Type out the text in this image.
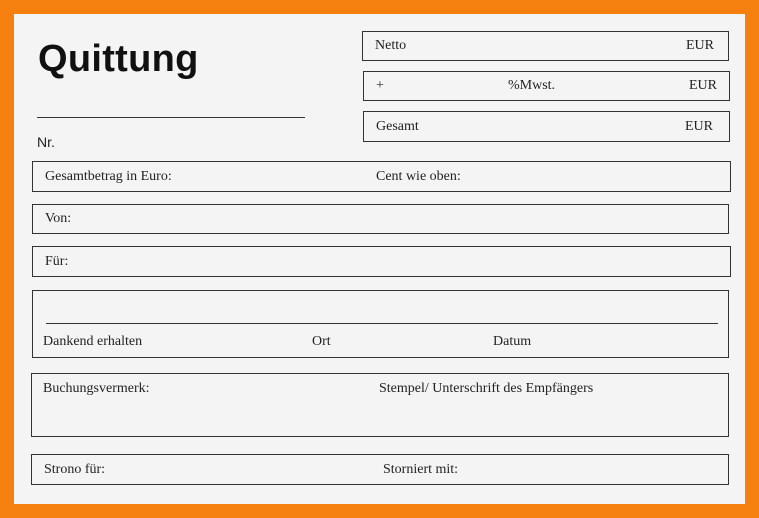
Quittung
Nr.
Netto	EUR
+	%Mwst.	EUR
Gesamt	EUR
Gesamtbetrag in Euro:	Cent wie oben:
Von:
Für:
Dankend erhalten	Ort	Datum
Buchungsvermerk:	Stempel/ Unterschrift des Empfängers
Strono für:	Storniert mit:
